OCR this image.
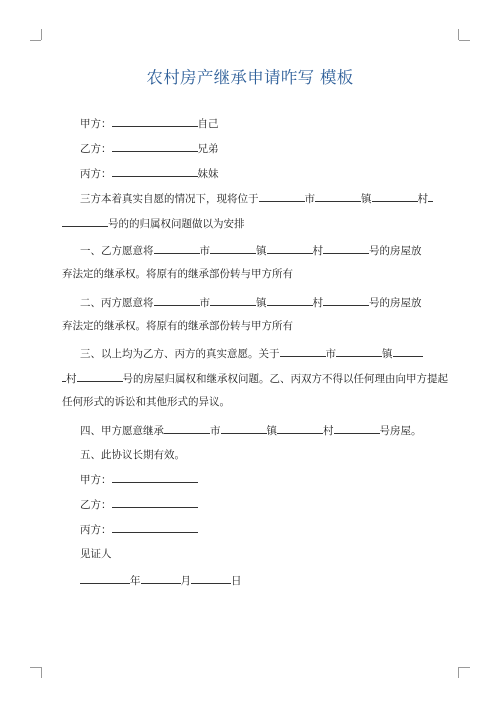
农村房产继承申请咋写 模板
甲方：	自己
乙方：	兄弟
丙方：	妹妹
三方本着真实自愿的情况下，现将位于	市	镇	村
号的的归属权问题做以为安排
一、乙方愿意将	市	镇	村	号的房屋放
弃法定的继承权。将原有的继承部份转与甲方所有
二、丙方愿意将	市	镇	村	号的房屋放
弃法定的继承权。将原有的继承部份转与甲方所有
三、以上均为乙方、丙方的真实意愿。关于	市	镇
村	号的房屋归属权和继承权问题。乙、丙双方不得以任何理由向甲方提起
任何形式的诉讼和其他形式的异议。
四、甲方愿意继承	市	镇	村	号房屋。
五、此协议长期有效。
甲方：
乙方：
丙方：
见证人
年	月	日
